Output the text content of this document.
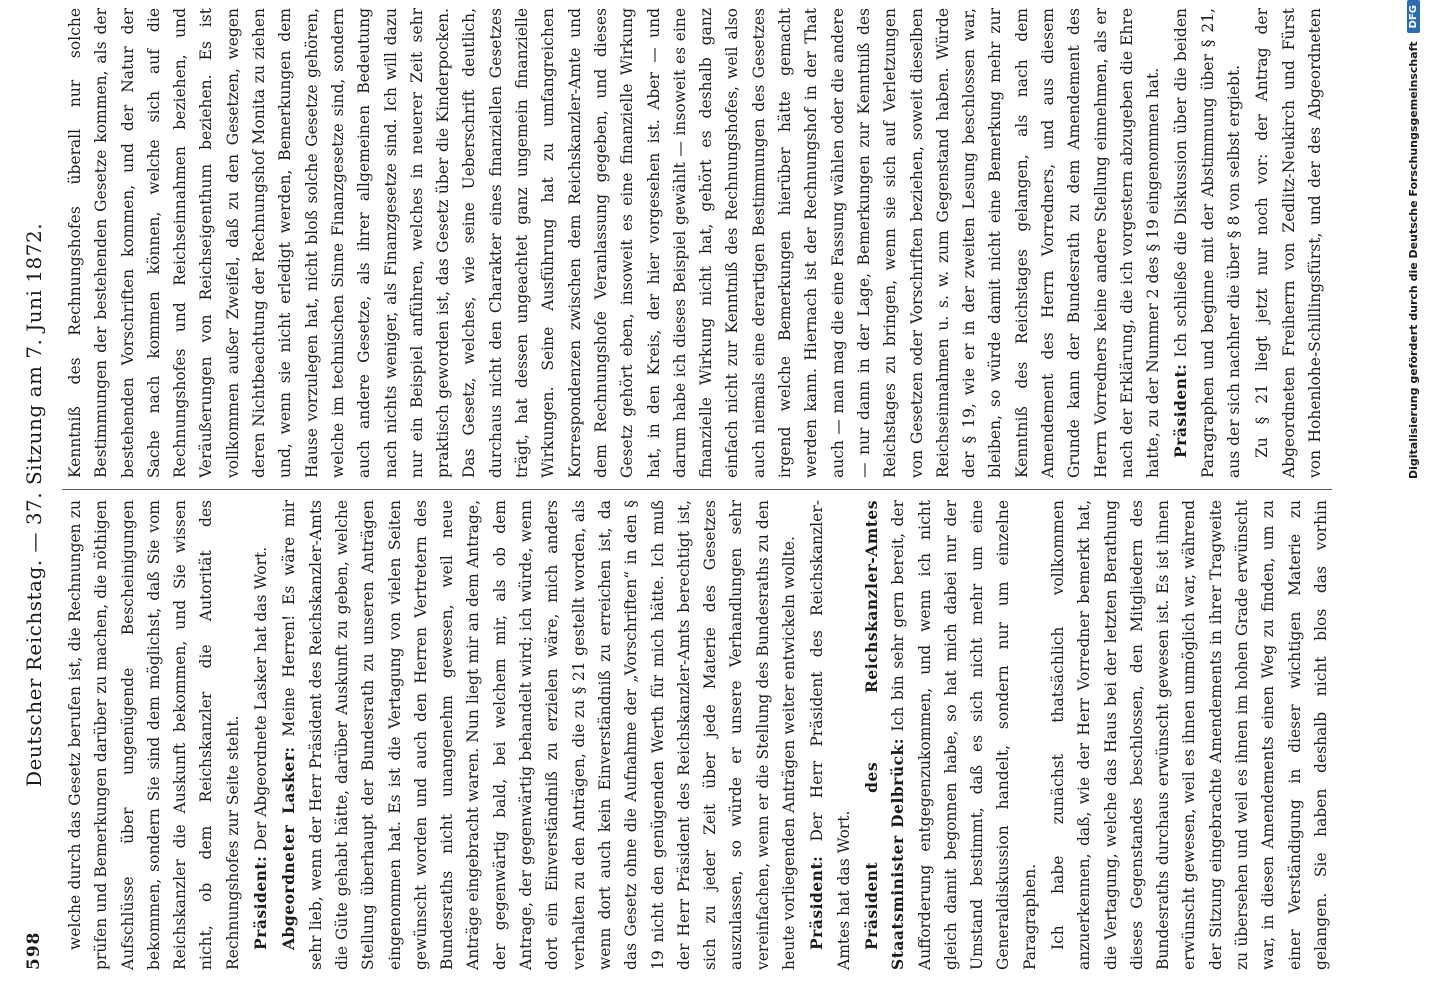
598
Deutscher Reichstag. — 37. Sitzung am 7. Juni 1872.	welche durch das Gesetz berufen ist, die Rechnungen zu prüfen und Bemerkungen darüber zu machen, die nöthigen Aufschlüsse über ungenügende Bescheinigungen bekommen, sondern Sie sind dem möglichst, daß Sie vom Reichskanzler die Auskunft bekommen, und Sie wissen nicht, ob dem Reichskanzler die Autorität des Rechnungshofes zur Seite steht. Präsident: Der Abgeordnete Lasker hat das Wort. Abgeordneter Lasker: Meine Herren! Es wäre mir sehr lieb, wenn der Herr Präsident des Reichskanzler-Amts die Güte gehabt hätte, darüber Auskunft zu geben, welche Stellung überhaupt der Bundesrath zu unseren Anträgen eingenommen hat. Es ist die Vertagung von vielen Seiten gewünscht worden und auch den Herren Vertretern des Bundesraths nicht unangenehm gewesen, weil neue Anträge eingebracht waren. Nun liegt mir an dem Antrage, der gegenwärtig bald, bei welchem mir, als ob dem Antrage, der gegenwärtig behandelt wird; ich würde, wenn dort ein Einverständniß zu erzielen wäre, mich anders verhalten zu den Anträgen, die zu § 21 gestellt worden, als wenn dort auch kein Einverständniß zu erreichen ist, da das Gesetz ohne die Aufnahme der „Vorschriften“ in den § 19 nicht den genügenden Werth für mich hätte. Ich muß der Herr Präsident des Reichskanzler-Amts berechtigt ist, sich zu jeder Zeit über jede Materie des Gesetzes auszulassen, so würde er unsere Verhandlungen sehr vereinfachen, wenn er die Stellung des Bundesraths zu den heute vorliegenden Anträgen weiter entwickeln wollte. Präsident: Der Herr Präsident des Reichskanzler-Amtes hat das Wort. Präsident des Reichskanzler-Amtes Staatsminister Delbrück: Ich bin sehr gern bereit, der Aufforderung entgegenzukommen, und wenn ich nicht gleich damit begonnen habe, so hat mich dabei nur der Umstand bestimmt, daß es sich nicht mehr um eine Generaldiskussion handelt, sondern nur um einzelne Paragraphen. Ich habe zunächst thatsächlich vollkommen anzuerkennen, daß, wie der Herr Vorredner bemerkt hat, die Vertagung, welche das Haus bei der letzten Berathung dieses Gegenstandes beschlossen, den Mitgliedern des Bundesraths durchaus erwünscht gewesen ist. Es ist ihnen erwünscht gewesen, weil es ihnen unmöglich war, während der Sitzung eingebrachte Amendements in ihrer Tragweite zu übersehen und weil es ihnen im hohen Grade erwünscht war, in diesen Amendements einen Weg zu finden, um zu einer Verständigung in dieser wichtigen Materie zu gelangen. Sie haben deshalb nicht blos das vorhin

Kenntniß des Rechnungshofes überall nur solche Bestimmungen der bestehenden Gesetze kommen, als der bestehenden Vorschriften kommen, und der Natur der Sache nach kommen können, welche sich auf die Rechnungshofes und Reichseinnahmen beziehen, und Veräußerungen von Reichseigenthum beziehen. Es ist vollkommen außer Zweifel, daß zu den Gesetzen, wegen deren Nichtbeachtung der Rechnungshof Monita zu ziehen und, wenn sie nicht erledigt werden, Bemerkungen dem Hause vorzulegen hat, nicht bloß solche Gesetze gehören, welche im technischen Sinne Finanzgesetze sind, sondern auch andere Gesetze, als ihrer allgemeinen Bedeutung nach nichts weniger, als Finanzgesetze sind. Ich will dazu nur ein Beispiel anführen, welches in neuerer Zeit sehr praktisch geworden ist, das Gesetz über die Kinderpocken. Das Gesetz, welches, wie seine Ueberschrift deutlich, durchaus nicht den Charakter eines finanziellen Gesetzes trägt, hat dessen ungeachtet ganz ungemein finanzielle Wirkungen. Seine Ausführung hat zu umfangreichen Korrespondenzen zwischen dem Reichskanzler-Amte und dem Rechnungshofe Veranlassung gegeben, und dieses Gesetz gehört eben, insoweit es eine finanzielle Wirkung hat, in den Kreis, der hier vorgesehen ist. Aber — und darum habe ich dieses Beispiel gewählt — insoweit es eine finanzielle Wirkung nicht hat, gehört es deshalb ganz einfach nicht zur Kenntniß des Rechnungshofes, weil also auch niemals eine derartigen Bestimmungen des Gesetzes irgend welche Bemerkungen hierüber hätte gemacht werden kann. Hiernach ist der Rechnungshof in der That auch — man mag die eine Fassung wählen oder die andere — nur dann in der Lage, Bemerkungen zur Kenntniß des Reichstages zu bringen, wenn sie sich auf Verletzungen von Gesetzen oder Vorschriften beziehen, soweit dieselben Reichseinnahmen u. s. w. zum Gegenstand haben. Würde der § 19, wie er in der zweiten Lesung beschlossen war, bleiben, so würde damit nicht eine Bemerkung mehr zur Kenntniß des Reichstages gelangen, als nach dem Amendement des Herrn Vorredners, und aus diesem Grunde kann der Bundesrath zu dem Amendement des Herrn Vorredners keine andere Stellung einnehmen, als er nach der Erklärung, die ich vorgestern abzugeben die Ehre hatte, zu der Nummer 2 des § 19 eingenommen hat. Präsident: Ich schließe die Diskussion über die beiden Paragraphen und beginne mit der Abstimmung über § 21, aus der sich nachher die über § 8 von selbst ergiebt. Zu § 21 liegt jetzt nur noch vor: der Antrag der Abgeordneten Freiherrn von Zedlitz-Neukirch und Fürst von Hohenlohe-Schillingsfürst, und der des Abgeordneten	Digitalisierung gefördert durch die Deutsche Forschungsgemeinschaft
DFG
